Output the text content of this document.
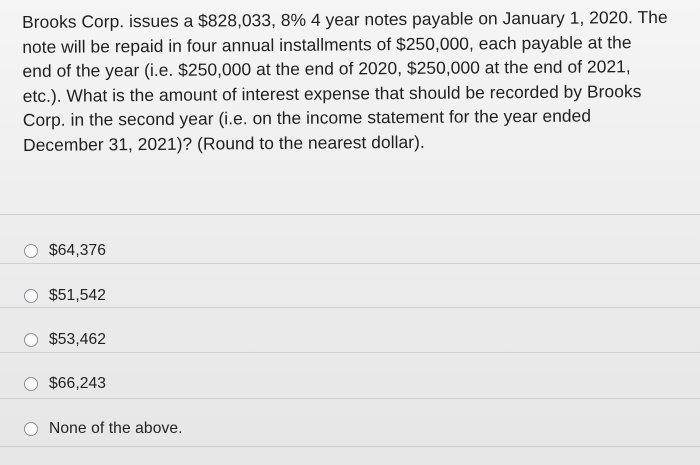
Brooks Corp. issues a $828,033, 8% 4 year notes payable on January 1, 2020. The
note will be repaid in four annual installments of $250,000, each payable at the
end of the year (i.e. $250,000 at the end of 2020, $250,000 at the end of 2021,
etc.). What is the amount of interest expense that should be recorded by Brooks
Corp. in the second year (i.e. on the income statement for the year ended
December 31, 2021)? (Round to the nearest dollar).
$64,376
$51,542
$53,462
$66,243
None of the above.
